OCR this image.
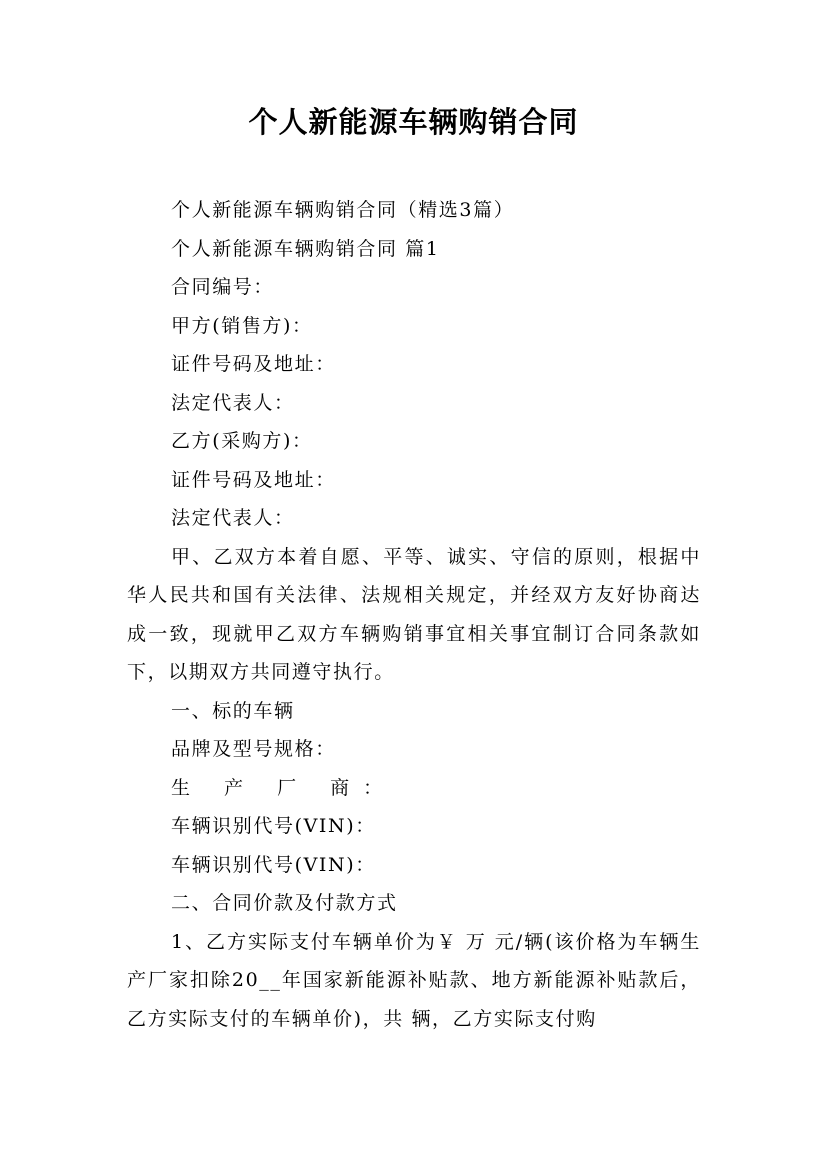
个人新能源车辆购销合同
个人新能源车辆购销合同（精选3篇）
个人新能源车辆购销合同 篇1
合同编号：
甲方(销售方)：
证件号码及地址：
法定代表人：
乙方(采购方)：
证件号码及地址：
法定代表人：
甲、乙双方本着自愿、平等、诚实、守信的原则，根据中华人民共和国有关法律、法规相关规定，并经双方友好协商达成一致，现就甲乙双方车辆购销事宜相关事宜制订合同条款如下，以期双方共同遵守执行。
一、标的车辆
品牌及型号规格：
生 产 厂 商：
车辆识别代号(VIN)：
车辆识别代号(VIN)：
二、合同价款及付款方式
1、乙方实际支付车辆单价为￥ 万 元/辆(该价格为车辆生产厂家扣除20__年国家新能源补贴款、地方新能源补贴款后，乙方实际支付的车辆单价)，共 辆，乙方实际支付购
